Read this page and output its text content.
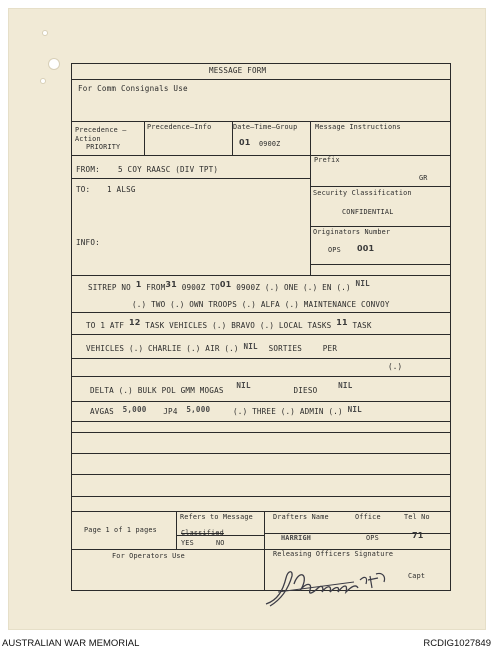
MESSAGE FORM
For Comm Consignals Use
Precedence –
Action
PRIORITY
Precedence–Info	Date–Time–Group
01 0900Z
Message Instructions
Prefix
GR
FROM: 5 COY RAASC (DIV TPT)
TO: 1 ALSG
INFO:
Security Classification
CONFIDENTIAL
Originators Number
OPS 001
SITREP NO 1 FROM31 0900Z TO01 0900Z (.) ONE (.) EN (.) NIL
(.) TWO (.) OWN TROOPS (.) ALFA (.) MAINTENANCE CONVOY
TO 1 ATF 12 TASK VEHICLES (.) BRAVO (.) LOCAL TASKS 11 TASK
VEHICLES (.) CHARLIE (.) AIR (.) NIL SORTIES	PER
(.)
DELTA (.) BULK POL GMM MOGAS NIL DIESO NIL
AVGAS 5,000 JP4 5,000	(.) THREE (.) ADMIN (.) NIL
Page 1 of 1 pages
Refers to Message
Classified
YES	NO
Drafters Name
HARRIGH
Office
OPS
Tel No
71
For Operators Use	Releasing Officers Signature
Capt
AUSTRALIAN WAR MEMORIAL	RCDIG1027849
